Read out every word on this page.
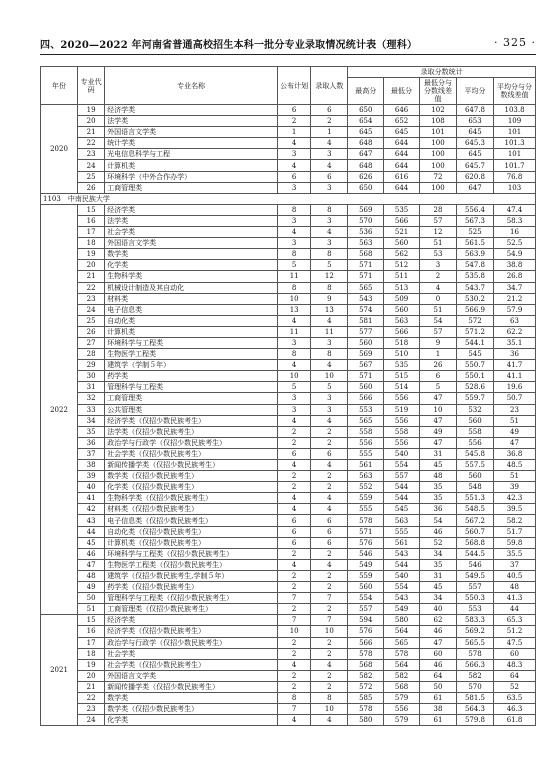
四、2020—2022 年河南省普通高校招生本科一批分专业录取情况统计表（理科）	· 325 ·
年份	专业代码	专业名称	公布计划	录取人数	录取分数统计				
					最高分	最低分	最低分与分数线差值	平均分	平均分与分数线差值
2020	19	经济学类	6	6	650	646	102	647.8	103.8
	20	法学类	2	2	654	652	108	653	109
	21	外国语言文学类	1	1	645	645	101	645	101
	22	统计学类	4	4	648	644	100	645.3	101.3
	23	光电信息科学与工程	3	3	647	644	100	645	101
	24	计算机类	4	4	648	644	100	645.7	101.7
	25	环境科学（中外合作办学）	6	6	626	616	72	620.8	76.8
	26	工商管理类	3	3	650	644	100	647	103
1103　中南民族大学									
2022	15	经济学类	8	8	569	535	28	556.4	47.4
	16	法学类	3	3	570	566	57	567.3	58.3
	17	社会学类	4	4	536	521	12	525	16
	18	外国语言文学类	3	3	563	560	51	561.5	52.5
	19	数学类	8	8	568	562	53	563.9	54.9
	20	化学类	5	5	571	512	3	547.8	38.8
	21	生物科学类	11	12	571	511	2	535.8	26.8
	22	机械设计制造及其自动化	8	8	565	513	4	543.7	34.7
	23	材料类	10	9	543	509	0	530.2	21.2
	24	电子信息类	13	13	574	560	51	566.9	57.9
	25	自动化类	4	4	581	563	54	572	63
	26	计算机类	11	11	577	566	57	571.2	62.2
	27	环境科学与工程类	3	3	560	518	9	544.1	35.1
	28	生物医学工程类	8	8	569	510	1	545	36
	29	建筑学（学制５年）	4	4	567	535	26	550.7	41.7
	30	药学类	10	10	571	515	6	550.1	41.1
	31	管理科学与工程类	5	5	560	514	5	528.6	19.6
	32	工商管理类	3	3	566	556	47	559.7	50.7
	33	公共管理类	3	3	553	519	10	532	23
	34	经济学类（仅招少数民族考生）	4	4	565	556	47	560	51
	35	法学类（仅招少数民族考生）	2	2	558	558	49	558	49
	36	政治学与行政学（仅招少数民族考生）	2	2	556	556	47	556	47
	37	社会学类（仅招少数民族考生）	6	6	555	540	31	545.8	36.8
	38	新闻传播学类（仅招少数民族考生）	4	4	561	554	45	557.5	48.5
	39	数学类（仅招少数民族考生）	2	2	563	557	48	560	51
	40	化学类（仅招少数民族考生）	2	2	552	544	35	548	39
	41	生物科学类（仅招少数民族考生）	4	4	559	544	35	551.3	42.3
	42	材料类（仅招少数民族考生）	4	4	555	545	36	548.5	39.5
	43	电子信息类（仅招少数民族考生）	6	6	578	563	54	567.2	58.2
	44	自动化类（仅招少数民族考生）	6	6	571	555	46	560.7	51.7
	45	计算机类（仅招少数民族考生）	6	6	576	561	52	568.8	59.8
	46	环境科学与工程类（仅招少数民族考生）	2	2	546	543	34	544.5	35.5
	47	生物医学工程类（仅招少数民族考生）	4	4	549	544	35	546	37
	48	建筑学（仅招少数民族考生,学制５年）	2	2	559	540	31	549.5	40.5
	49	药学类（仅招少数民族考生）	2	2	560	554	45	557	48
	50	管理科学与工程类（仅招少数民族考生）	7	7	554	543	34	550.3	41.3
	51	工商管理类（仅招少数民族考生）	2	2	557	549	40	553	44
2021	15	经济学类	7	7	594	580	62	583.3	65.3
	16	经济学类（仅招少数民族考生）	10	10	576	564	46	569.2	51.2
	17	政治学与行政学（仅招少数民族考生）	2	2	566	565	47	565.5	47.5
	18	社会学类	2	2	578	578	60	578	60
	19	社会学类（仅招少数民族考生）	4	4	568	564	46	566.3	48.3
	20	外国语言文学类	2	2	582	582	64	582	64
	21	新闻传播学类（仅招少数民族考生）	2	2	572	568	50	570	52
	22	数学类	8	8	585	579	61	581.5	63.5
	23	数学类（仅招少数民族考生）	7	10	578	556	38	564.3	46.3
	24	化学类	4	4	580	579	61	579.8	61.8
